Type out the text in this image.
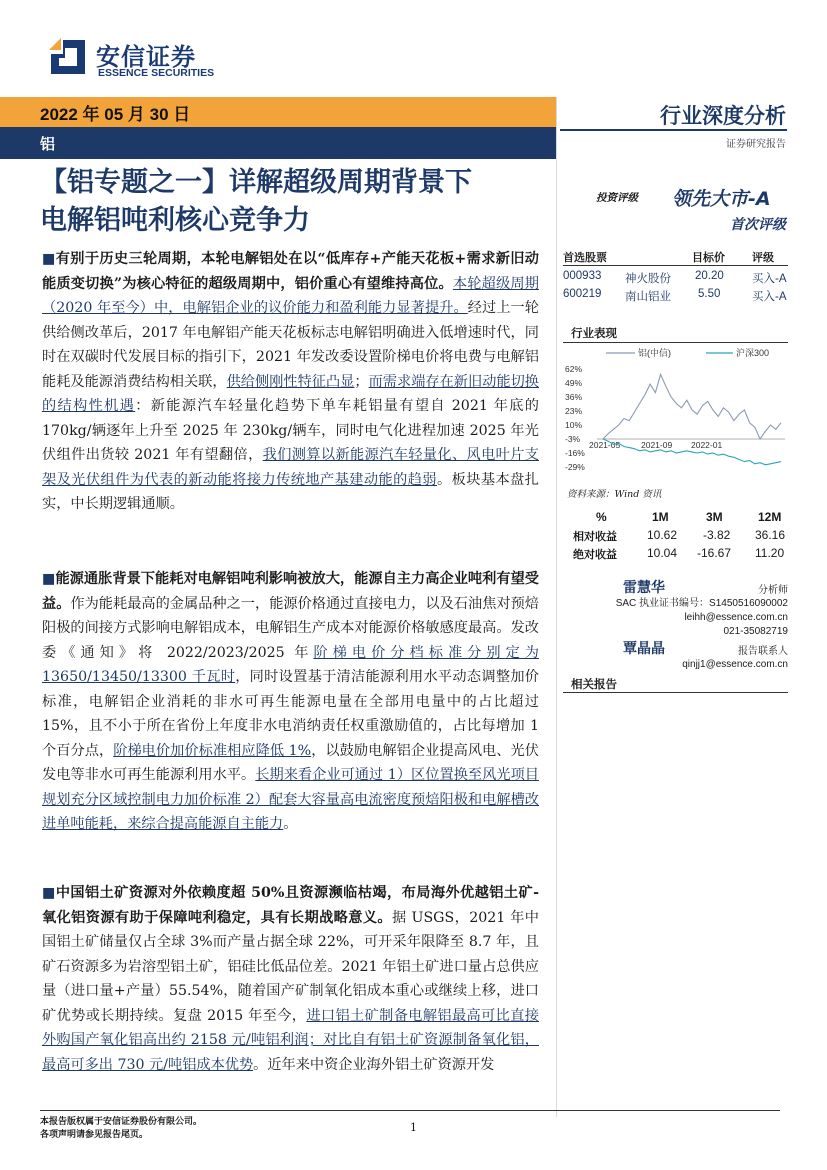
安信证券
ESSENCE SECURITIES
2022 年 05 月 30 日
铝
行业深度分析
证券研究报告
【铝专题之一】详解超级周期背景下
电解铝吨利核心竞争力
■有别于历史三轮周期，本轮电解铝处在以“低库存+产能天花板+需求新旧动能质变切换”为核心特征的超级周期中，铝价重心有望维持高位。本轮超级周期（2020 年至今）中，电解铝企业的议价能力和盈利能力显著提升。经过上一轮供给侧改革后，2017 年电解铝产能天花板标志电解铝明确进入低增速时代，同时在双碳时代发展目标的指引下，2021 年发改委设置阶梯电价将电费与电解铝能耗及能源消费结构相关联，供给侧刚性特征凸显；而需求端存在新旧动能切换的结构性机遇：新能源汽车轻量化趋势下单车耗铝量有望自 2021 年底的 170kg/辆逐年上升至 2025 年 230kg/辆车，同时电气化进程加速 2025 年光伏组件出货较 2021 年有望翻倍，我们测算以新能源汽车轻量化、风电叶片支架及光伏组件为代表的新动能将接力传统地产基建动能的趋弱。板块基本盘扎实，中长期逻辑通顺。
■能源通胀背景下能耗对电解铝吨利影响被放大，能源自主力高企业吨利有望受益。作为能耗最高的金属品种之一，能源价格通过直接电力，以及石油焦对预焙阳极的间接方式影响电解铝成本，电解铝生产成本对能源价格敏感度最高。发改委《通知》将 2022/2023/2025 年阶梯电价分档标准分别定为 13650/13450/13300 千瓦时，同时设置基于清洁能源利用水平动态调整加价标准，电解铝企业消耗的非水可再生能源电量在全部用电量中的占比超过 15%，且不小于所在省份上年度非水电消纳责任权重激励值的，占比每增加 1 个百分点，阶梯电价加价标准相应降低 1%，以鼓励电解铝企业提高风电、光伏发电等非水可再生能源利用水平。长期来看企业可通过 1）区位置换至风光项目规划充分区域控制电力加价标准 2）配套大容量高电流密度预焙阳极和电解槽改进单吨能耗，来综合提高能源自主能力。
■中国铝土矿资源对外依赖度超 50%且资源濒临枯竭，布局海外优越铝土矿-氧化铝资源有助于保障吨利稳定，具有长期战略意义。据 USGS，2021 年中国铝土矿储量仅占全球 3%而产量占据全球 22%，可开采年限降至 8.7 年，且矿石资源多为岩溶型铝土矿，铝硅比低品位差。2021 年铝土矿进口量占总供应量（进口量+产量）55.54%，随着国产矿制氧化铝成本重心或继续上移，进口矿优势或长期持续。复盘 2015 年至今，进口铝土矿制备电解铝最高可比直接外购国产氧化铝高出约 2158 元/吨铝利润；对比自有铝土矿资源制备氧化铝，最高可多出 730 元/吨铝成本优势。近年来中资企业海外铝土矿资源开发
投资评级 领先大市-A
首次评级
首选股票	目标价 评级
000933 神火股份 20.20 买入-A
600219 南山铝业 5.50	买入-A
行业表现
铝(中信)	沪深300
62%
49%
36%
23%
10%
-3%
-16%
-29%
2021-05 2021-09 2022-01
资料来源：Wind 资讯
%	1M	3M	12M
相对收益	10.62 -3.82 36.16
绝对收益	10.04 -16.67 11.20
雷慧华	分析师
SAC 执业证书编号：S1450516090002
leihh@essence.com.cn
021-35082719
覃晶晶	报告联系人
qinjj1@essence.com.cn
相关报告
本报告版权属于安信证券股份有限公司。
各项声明请参见报告尾页。
1
